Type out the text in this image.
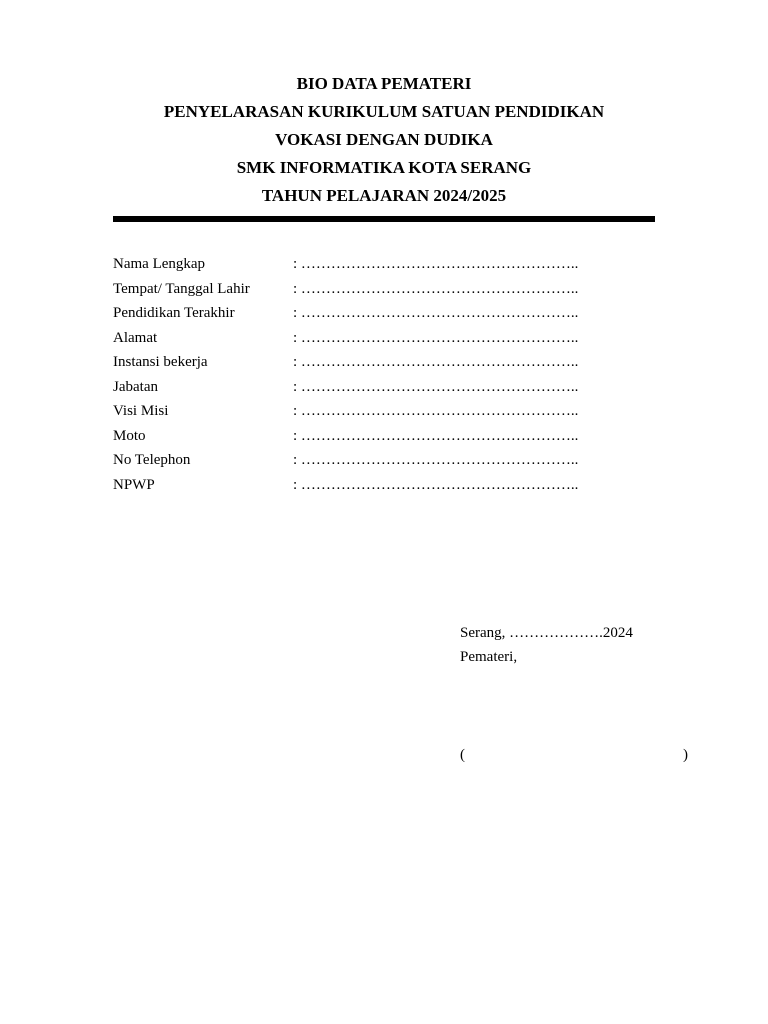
BIO DATA PEMATERI
PENYELARASAN KURIKULUM SATUAN PENDIDIKAN
VOKASI DENGAN DUDIKA
SMK INFORMATIKA KOTA SERANG
TAHUN PELAJARAN 2024/2025
Nama Lengkap	: ………………………………………………..
Tempat/ Tanggal Lahir	: ………………………………………………..
Pendidikan Terakhir	: ………………………………………………..
Alamat	: ………………………………………………..
Instansi bekerja	: ………………………………………………..
Jabatan	: ………………………………………………..
Visi Misi	: ………………………………………………..
Moto	: ………………………………………………..
No Telephon	: ………………………………………………..
NPWP	: ………………………………………………..
Serang, ……………….2024
Pemateri,
(	)
